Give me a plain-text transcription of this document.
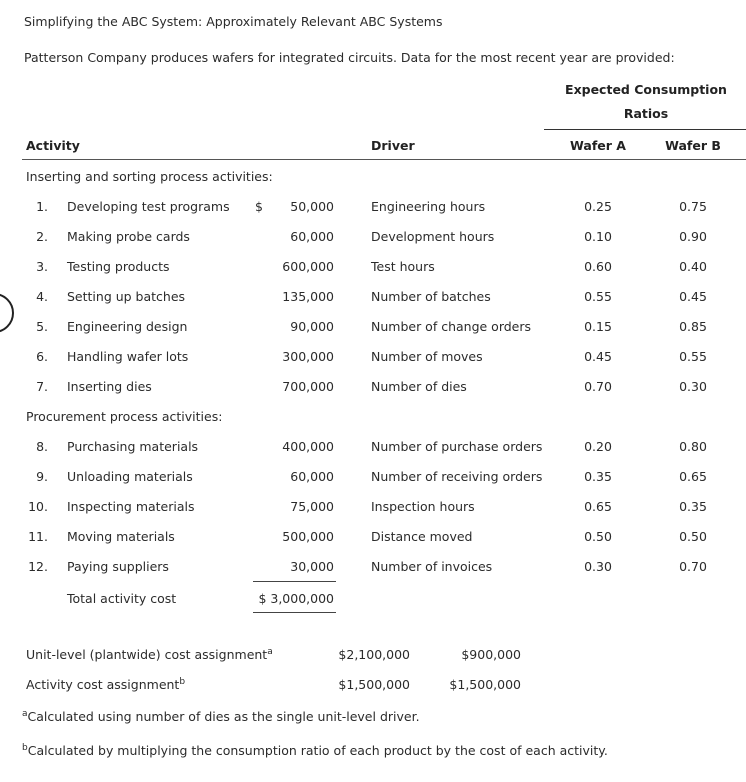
Simplifying the ABC System: Approximately Relevant ABC Systems
Patterson Company produces wafers for integrated circuits. Data for the most recent year are provided:
Expected Consumption
Ratios
Activity	Driver	Wafer A	Wafer B
Inserting and sorting process activities:
$
1. Developing test programs	50,000	Engineering hours	0.25	0.75
2. Making probe cards	60,000	Development hours	0.10	0.90
3. Testing products	600,000	Test hours	0.60	0.40
4. Setting up batches	135,000	Number of batches	0.55	0.45
5. Engineering design	90,000	Number of change orders	0.15	0.85
6. Handling wafer lots	300,000	Number of moves	0.45	0.55
7. Inserting dies	700,000	Number of dies	0.70	0.30
Procurement process activities:
8. Purchasing materials	400,000	Number of purchase orders	0.20	0.80
9. Unloading materials	60,000	Number of receiving orders	0.35	0.65
10. Inspecting materials	75,000	Inspection hours	0.65	0.35
11. Moving materials	500,000	Distance moved	0.50	0.50
12. Paying suppliers	30,000	Number of invoices	0.30	0.70
Total activity cost	$ 3,000,000
Unit-level (plantwide) cost assignment$^a$	$2,100,000	$900,000
Activity cost assignment$^b$	$1,500,000	$1,500,000
$^a$Calculated using number of dies as the single unit-level driver.
$^b$Calculated by multiplying the consumption ratio of each product by the cost of each activity.
